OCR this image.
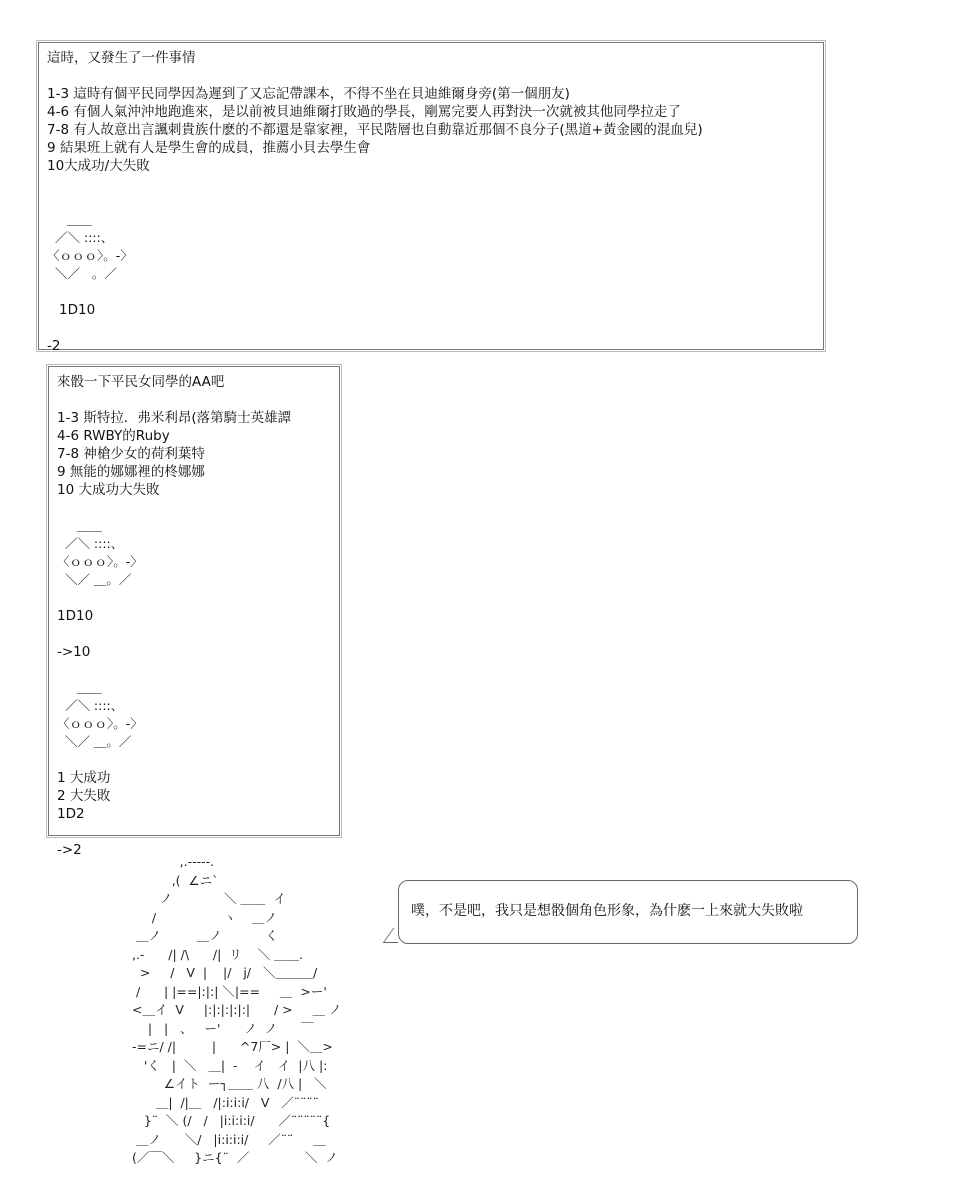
這時，又發生了一件事情
1-3 這時有個平民同學因為遲到了又忘記帶課本，不得不坐在貝迪維爾身旁(第一個朋友)
4-6 有個人氣沖沖地跑進來，是以前被貝迪維爾打敗過的學長，剛罵完要人再對決一次就被其他同學拉走了
7-8 有人故意出言諷刺貴族什麽的不都還是靠家裡，平民階層也自動靠近那個不良分子(黑道+黃金國的混血兒)
9 結果班上就有人是學生會的成員，推薦小貝去學生會
10大成功/大失敗
＿＿
／＼ ::::、
〈ｏｏｏ〉。-〉
＼／   。／
1D10
-2
來骰一下平民女同學的AA吧
1-3 斯特拉．弗米利昂(落第騎士英雄譚
4-6 RWBY的Ruby
7-8 神槍少女的荷利葉特
9 無能的娜娜裡的柊娜娜
10 大成功大失敗
＿＿
／＼ ::::、
〈ｏｏｏ〉。-〉
＼／ ＿。／
1D10
->10
＿＿
／＼ ::::、
〈ｏｏｏ〉。-〉
＼／ ＿。／
1 大成功
2 大失敗
1D2
->2
,.-----.
,(  ∠ニ`
ノ             ＼ ＿＿  イ
/                 ヽ    ＿ノ
＿ノ         ＿ノ           く
,.-      /| /\      /|  リ    ＼ ＿＿.
>     /   V  |    |/   j/   ＼＿＿＿/
/      | |==|:|:| ＼|==     ＿  >ー'
<＿イ  V     |:|:|:|:|:|      / >     ＿ ノ
|   |   、   ー'      ノ  ノ      ￣
-=ニ/ /|         |      ^7厂> |  ＼＿>
'く   |  ＼   ＿|  -    イ   イ  |八 |:
∠イト  ー┐＿＿ 八  /八 |   ＼
＿|  /|＿   /|:i:i:i/   V   ／¨¨¨¨
}¨  ＼ (/   /   |i:i:i:i/      ／¨¨¨¨¨{
＿ノ      ＼/   |i:i:i:i/     ／¨¨     ＿
(／￣＼     }ニ{¨  ／              ＼  ノ
噗，不是吧，我只是想骰個角色形象，為什麽一上來就大失敗啦
